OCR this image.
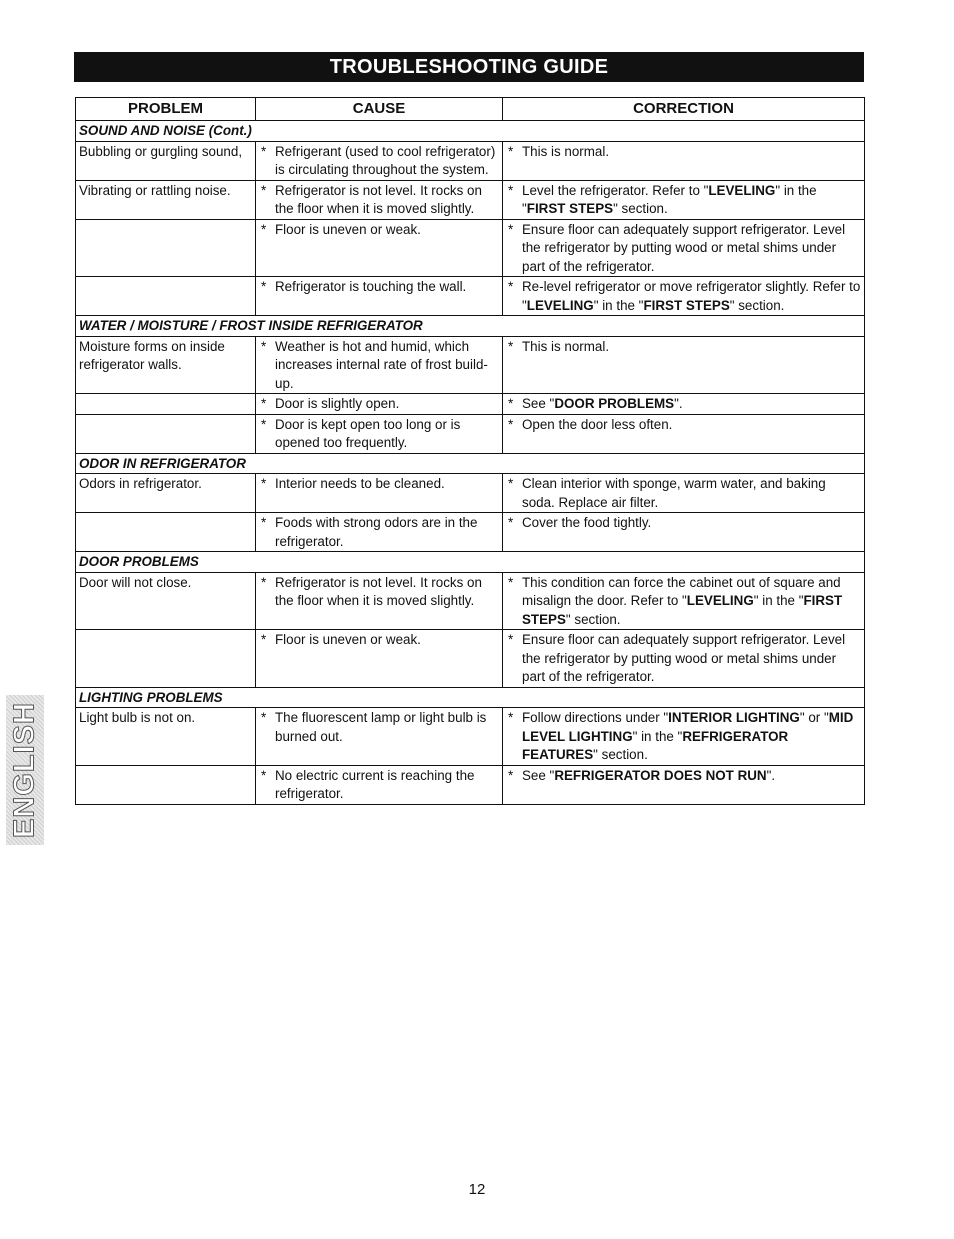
TROUBLESHOOTING GUIDE
PROBLEM	CAUSE	CORRECTION
SOUND AND NOISE (Cont.)		
Bubbling or gurgling sound,	* Refrigerant (used to cool refrigerator) is circulating throughout the system.	* This is normal.

Vibrating or rattling noise.	* Refrigerator is not level. It rocks on the floor when it is moved slightly.	* Level the refrigerator. Refer to "LEVELING" in the "FIRST STEPS" section.

	* Floor is uneven or weak.	* Ensure floor can adequately support refrigerator. Level the refrigerator by putting wood or metal shims under part of the refrigerator.

	* Refrigerator is touching the wall.	* Re-level refrigerator or move refrigerator slightly. Refer to "LEVELING" in the "FIRST STEPS" section.

WATER / MOISTURE / FROST INSIDE REFRIGERATOR		
Moisture forms on inside refrigerator walls.	* Weather is hot and humid, which increases internal rate of frost build-up.	* This is normal.

	* Door is slightly open.	* See "DOOR PROBLEMS".

	* Door is kept open too long or is opened too frequently.	* Open the door less often.

ODOR IN REFRIGERATOR		
Odors in refrigerator.	* Interior needs to be cleaned.	* Clean interior with sponge, warm water, and baking soda. Replace air filter.

	* Foods with strong odors are in the refrigerator.	* Cover the food tightly.

DOOR PROBLEMS		
Door will not close.	* Refrigerator is not level. It rocks on the floor when it is moved slightly.	* This condition can force the cabinet out of square and misalign the door. Refer to "LEVELING" in the "FIRST STEPS" section.

	* Floor is uneven or weak.	* Ensure floor can adequately support refrigerator. Level the refrigerator by putting wood or metal shims under part of the refrigerator.

LIGHTING PROBLEMS		
Light bulb is not on.	* The fluorescent lamp or light bulb is burned out.	* Follow directions under "INTERIOR LIGHTING" or "MID LEVEL LIGHTING" in the "REFRIGERATOR FEATURES" section.

	* No electric current is reaching the refrigerator.	* See "REFRIGERATOR DOES NOT RUN".
ENGLISH
12
